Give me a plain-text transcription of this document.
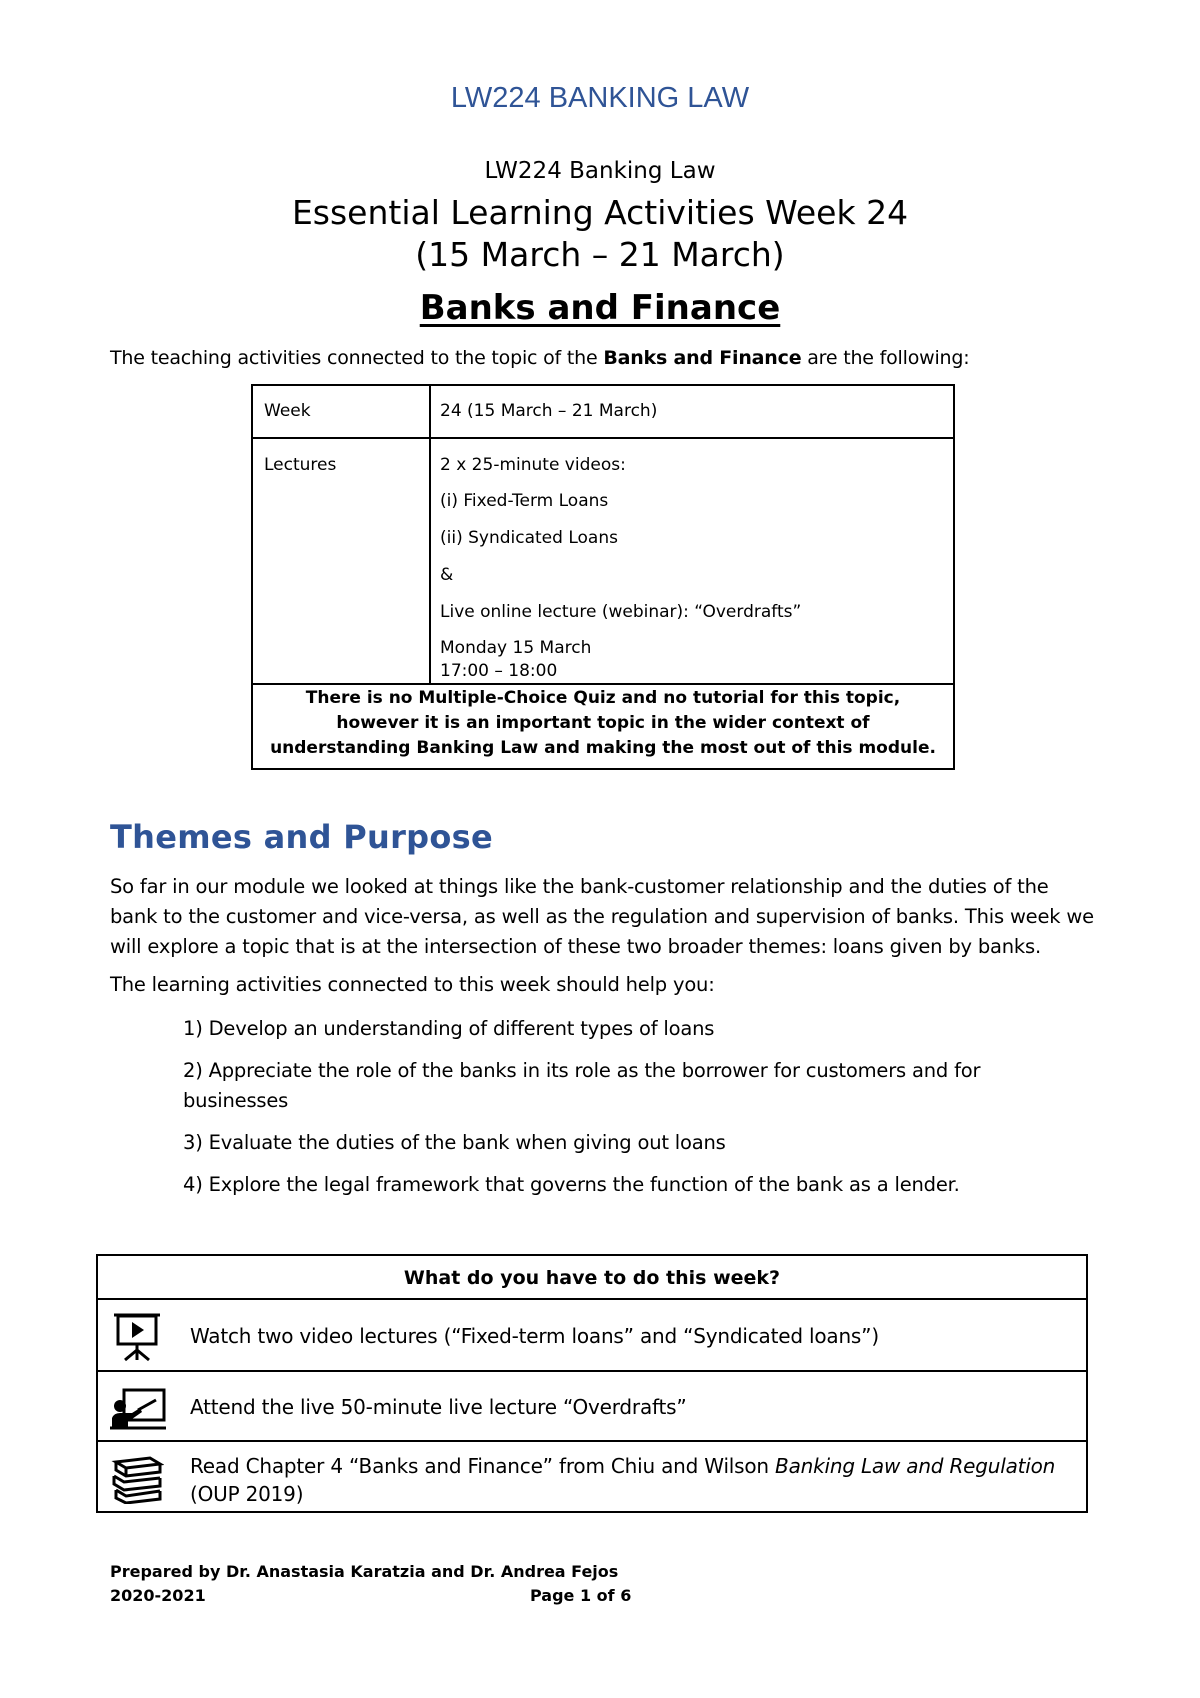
LW224 BANKING LAW
LW224 Banking Law
Essential Learning Activities Week 24
(15 March – 21 March)
Banks and Finance
The teaching activities connected to the topic of the Banks and Finance are the following:
Week	24 (15 March – 21 March)
Lectures	2 x 25-minute videos:
(i) Fixed-Term Loans
(ii) Syndicated Loans
&
Live online lecture (webinar): “Overdrafts”
Monday 15 March
17:00 – 18:00
There is no Multiple-Choice Quiz and no tutorial for this topic, however it is an important topic in the wider context of understanding Banking Law and making the most out of this module.
Themes and Purpose
So far in our module we looked at things like the bank-customer relationship and the duties of the bank to the customer and vice-versa, as well as the regulation and supervision of banks. This week we will explore a topic that is at the intersection of these two broader themes: loans given by banks.
The learning activities connected to this week should help you:
1) Develop an understanding of different types of loans
2) Appreciate the role of the banks in its role as the borrower for customers and for businesses
3) Evaluate the duties of the bank when giving out loans
4) Explore the legal framework that governs the function of the bank as a lender.
What do you have to do this week?
Watch two video lectures (“Fixed-term loans” and “Syndicated loans”)
Attend the live 50-minute live lecture “Overdrafts”
Read Chapter 4 “Banks and Finance” from Chiu and Wilson Banking Law and Regulation (OUP 2019)
Prepared by Dr. Anastasia Karatzia and Dr. Andrea Fejos
2020-2021	Page 1 of 6
